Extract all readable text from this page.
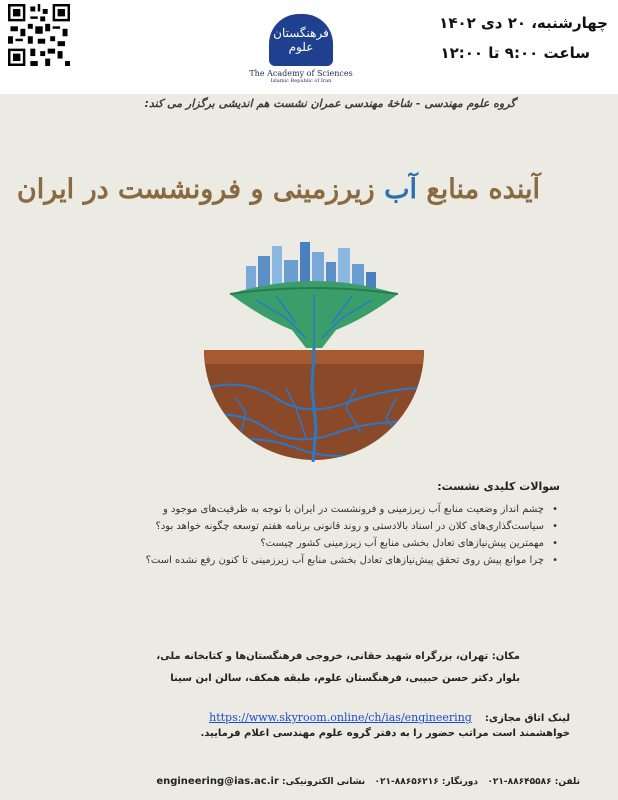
فرهنگستان علوم
The Academy of Sciences
Islamic Republic of Iran
چهارشنبه، ۲۰ دی ۱۴۰۲
ساعت ۹:۰۰ تا ۱۲:۰۰
گروه علوم مهندسی - شاخهٔ مهندسی عمران نشست هم اندیشی برگزار می کند:
آینده منابع آب زیرزمینی و فرونشست در ایران
سوالات کلیدی نشست:
• چشم انداز وضعیت منابع آب زیرزمینی و فرونشست در ایران با توجه به ظرفیت‌های موجود و
• سیاست‌گذاری‌های کلان در اسناد بالادستی و روند قانونی برنامه هفتم توسعه چگونه خواهد بود؟
• مهمترین پیش‌نیازهای تعادل بخشی منابع آب زیرزمینی کشور چیست؟
• چرا موانع پیش روی تحقق پیش‌نیازهای تعادل بخشی منابع آب زیرزمینی تا کنون رفع نشده است؟
مکان: تهران، بزرگراه شهید حقانی، خروجی فرهنگستان‌ها و کتابخانه ملی،
بلوار دکتر حسن حبیبی، فرهنگستان علوم، طبقه همکف، سالن ابن سینا
لینک اتاق مجازی: https://www.skyroom.online/ch/ias/engineering
خواهشمند است مراتب حضور را به دفتر گروه علوم مهندسی اعلام فرمایید.
تلفن: ۸۸۶۴۵۵۸۶-۰۲۱   دورنگار: ۸۸۶۵۶۲۱۶-۰۲۱   نشانی الکترونیکی: engineering@ias.ac.ir
